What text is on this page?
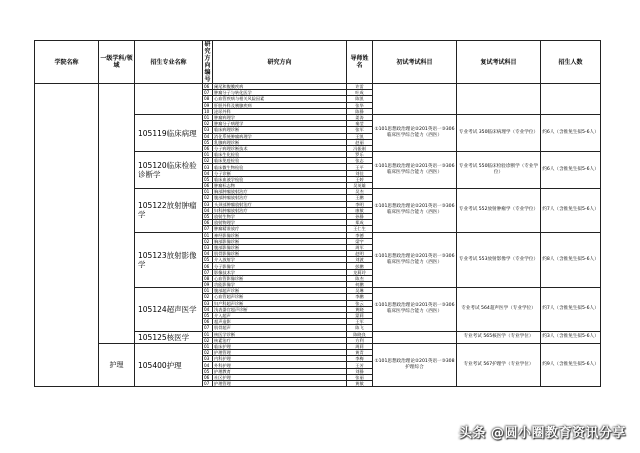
学院名称	一级学科/领域	招生专业名称	研究方向编号	研究方向	导师姓名	初试考试科目	复试考试科目	招生人数
			06	阑尾和腹膜疾病	许雷			
			07	肿瘤分子与转化医学	叶成			
			08	心血管疾病与相关风险因素	陈凯			
			09	肝胆外科及胰腺疾病	张华			
			10	泌尿外科	陈静			
		105119临床病理	01	肿瘤病理学	姜涛	①101思想政治理论②201英语一③306临床医学综合能力（西医）	专业考试 350临床病理学（专业学位）	约6人（含推免生拟5-6人）
			02	肿瘤分子病理学	秦莹			
			03	临床病理诊断	张军			
			04	消化系统肿瘤病理学	王凯			
			05	乳腺病理诊断	赵丽			
			06	分子病理诊断技术	冯振刚			
		105120临床检验诊断学	01	临床生化检验	罗乐	①101思想政治理论②201英语一③306临床医学综合能力（西医）	专业考试 550临床检验诊断学（专业学位）	约6人（含推免生拟5-6人）
			02	临床免疫检验	张志			
			03	临床微生物检验	王平			
			04	分子诊断	刘佳			
			05	临床血液学检验	王婷			
			06	肿瘤标志物	吴英雄			
		105122放射肿瘤学	01	胸部肿瘤放射治疗	吴杰	①101思想政治理论②201英语一③306临床医学综合能力（西医）	专业考试 552放射肿瘤学（专业学位）	约7人（含推免生拟5-6人）
			02	腹部肿瘤放射治疗	王鹏			
			03	头颈部肿瘤放射治疗	李明			
			04	妇科肿瘤放射治疗	康敏			
			05	放射生物学	孙静			
			06	放射物理学	郑成			
			07	肿瘤精准放疗	王仁生			
		105123放射影像学	01	神经影像诊断	李德	①101思想政治理论②201英语一③306临床医学综合能力（西医）	专业考试 553放射影像学（专业学位）	约8人（含推免生拟5-6人）
			02	胸部影像诊断	梁宇			
			03	腹部影像诊断	周军			
			04	肌骨影像诊断	赵明			
			05	介入放射学	刘波			
			06	分子影像学	彭鹏			
			07	影像技术学	龙莉玲			
			08	心血管影像诊断	陈杰			
			09	功能影像学	何鹏			
		105124超声医学	01	腹部超声诊断	吴琳	①101思想政治理论②201英语一③306临床医学综合能力（西医）	专业考试 564超声医学（专业学位）	约7人（含推免生拟5-6人）
			02	心血管超声诊断	李鹏			
			03	妇产科超声诊断	张云			
			04	浅表器官超声诊断	黄晓			
			05	介入超声	蒙莉			
			06	超声造影	王军			
			07	肌骨超声	陈飞			
		105125核医学	01	核医学诊断	陈晓良		专业考试 565核医学（专业学位）	约3人（含推免生拟5-6人）
			02	核素治疗	方利			
	护理	105400护理	01	临床护理	周莉	①101思想政治理论②201英语一③308护理综合	专业考试 567护理学（专业学位）	约9人（含推免生拟5-6人）
			02	护理管理	黄青			
			03	内科护理	李梅			
			04	外科护理	王芳			
			05	护理教育	刘静			
			06	社区护理	张丽			
			07	护理管理	黄敏			
头条 @圆小圈教育资讯分享
